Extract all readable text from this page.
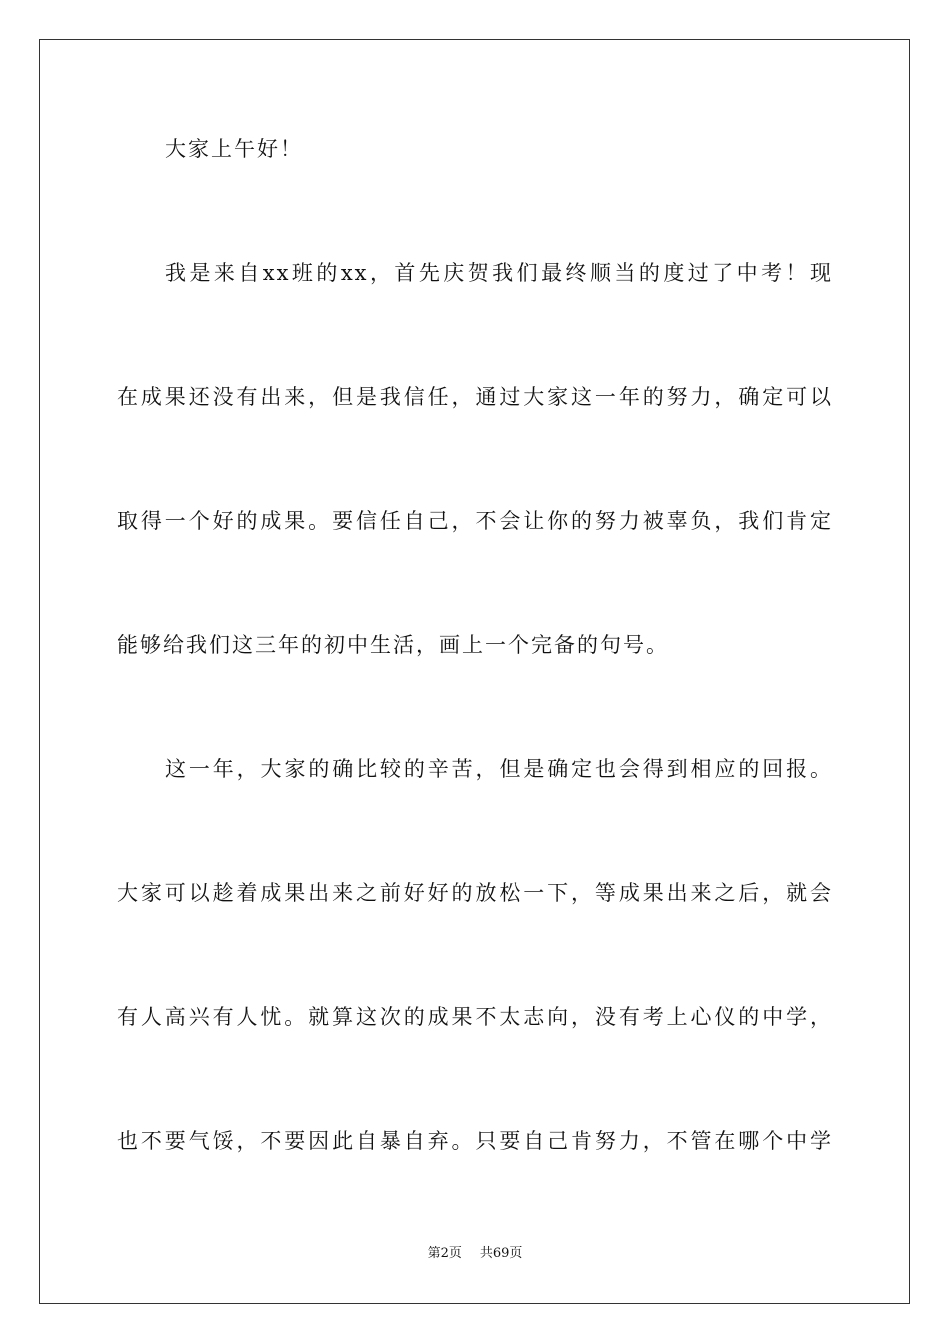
大家上午好！
我是来自xx班的xx，首先庆贺我们最终顺当的度过了中考！现
在成果还没有出来，但是我信任，通过大家这一年的努力，确定可以
取得一个好的成果。要信任自己，不会让你的努力被辜负，我们肯定
能够给我们这三年的初中生活，画上一个完备的句号。
这一年，大家的确比较的辛苦，但是确定也会得到相应的回报。
大家可以趁着成果出来之前好好的放松一下，等成果出来之后，就会
有人高兴有人忧。就算这次的成果不太志向，没有考上心仪的中学，
也不要气馁，不要因此自暴自弃。只要自己肯努力，不管在哪个中学
第2页 共69页
